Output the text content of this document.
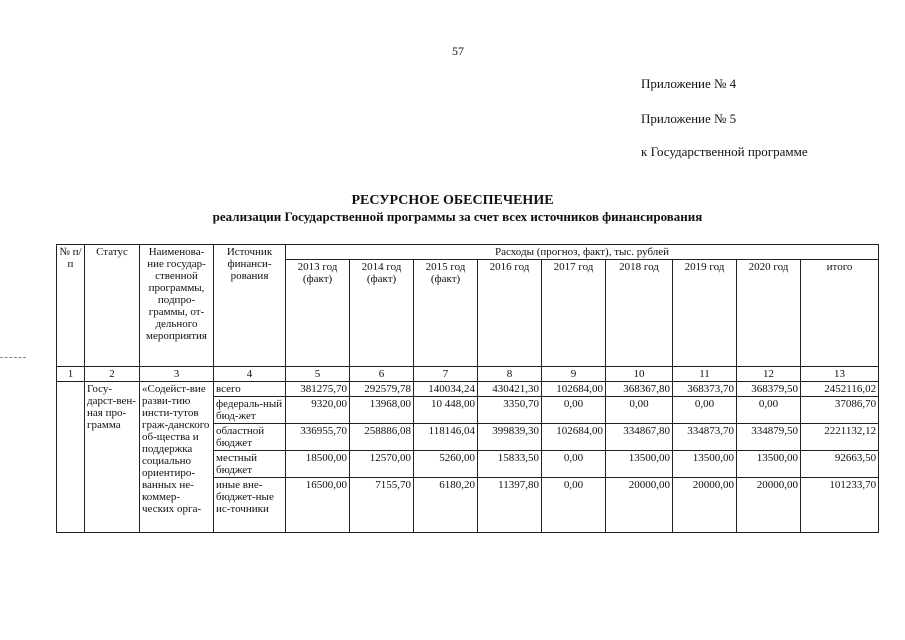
57
Приложение № 4
Приложение № 5
к Государственной программе
РЕСУРСНОЕ ОБЕСПЕЧЕНИЕ
реализации Государственной программы за счет всех источников финансирования
№ п/п	Статус	Наименова-ние государ-ственной программы, подпро-граммы, от-дельного мероприятия	Источник финанси-рования	Расходы (прогноз, факт), тыс. рублей								
				2013 год (факт)	2014 год (факт)	2015 год (факт)	2016 год	2017 год	2018 год	2019 год	2020 год	итого
1	2	3	4	5	6	7	8	9	10	11	12	13
	Госу-дарст-вен-ная про-грамма	«Содейст-вие разви-тию инсти-тутов граж-данского об-щества и поддержка социально ориентиро-ванных не-коммер-ческих орга-	всего	381275,70	292579,78	140034,24	430421,30	102684,00	368367,80	368373,70	368379,50	2452116,02
			федераль-ный бюд-жет	9320,00	13968,00	10 448,00	3350,70	0,00	0,00	0,00	0,00	37086,70
			областной бюджет	336955,70	258886,08	118146,04	399839,30	102684,00	334867,80	334873,70	334879,50	2221132,12
			местный бюджет	18500,00	12570,00	5260,00	15833,50	0,00	13500,00	13500,00	13500,00	92663,50
			иные вне-бюджет-ные ис-точники	16500,00	7155,70	6180,20	11397,80	0,00	20000,00	20000,00	20000,00	101233,70
